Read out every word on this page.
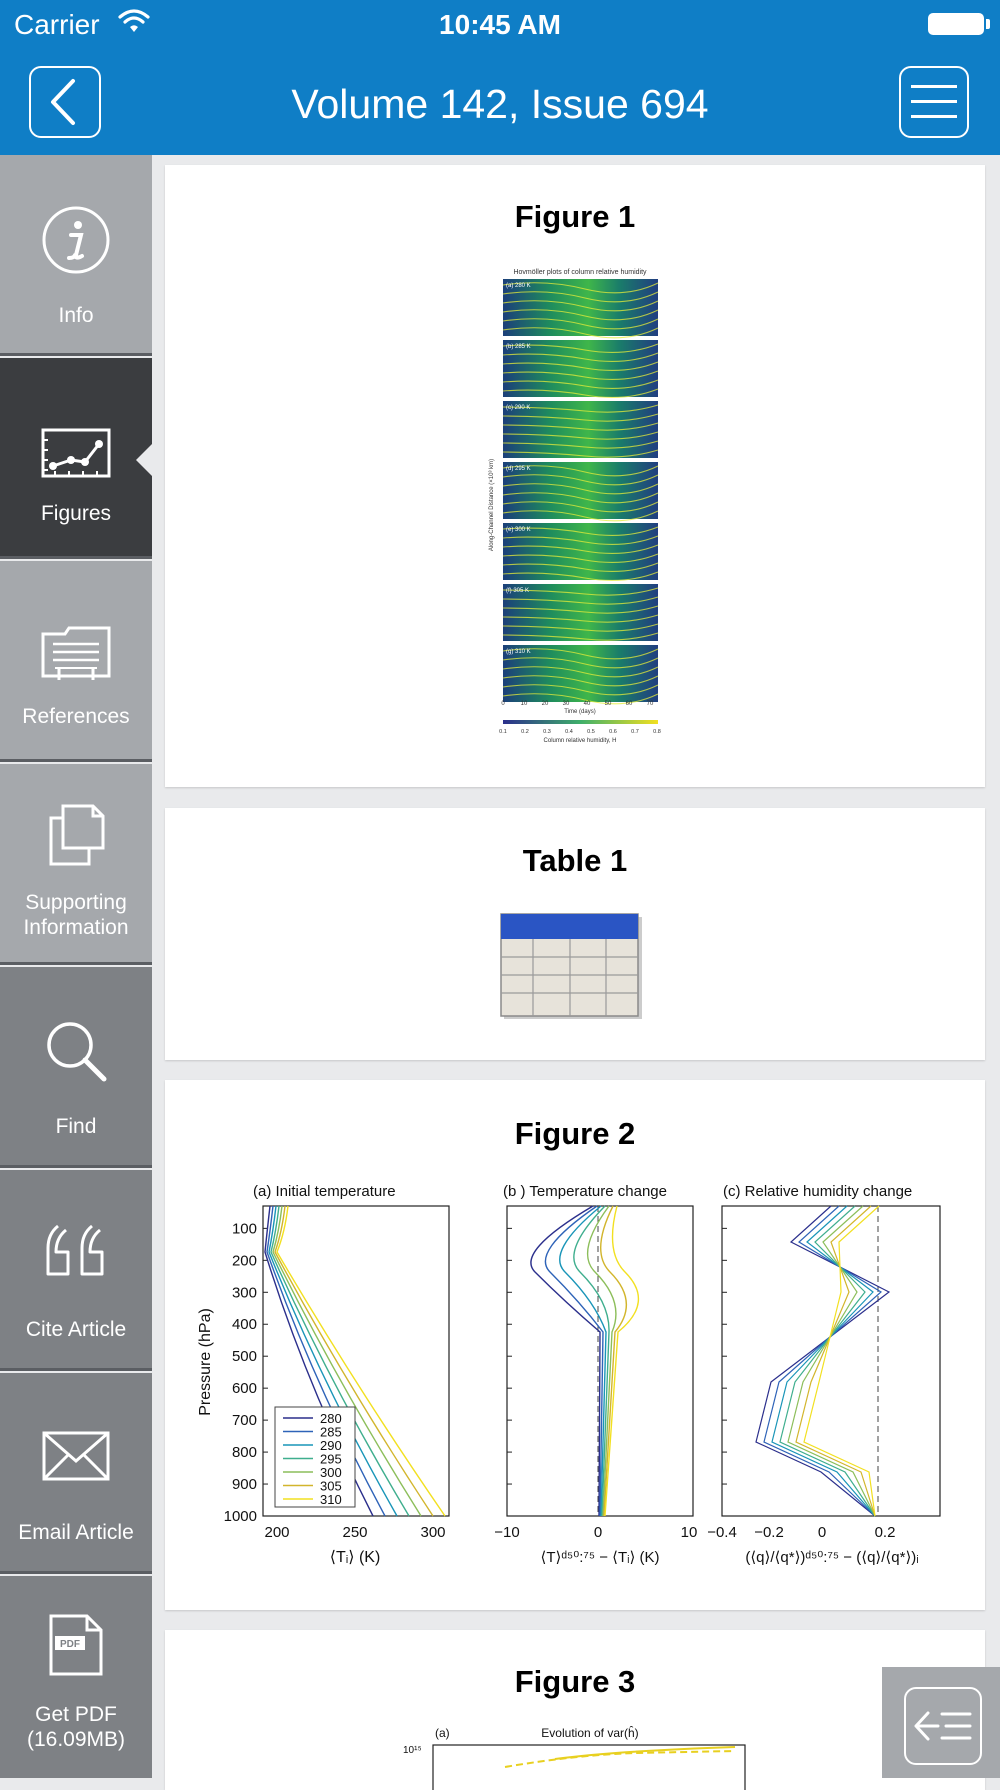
Carrier	10:45 AM
Volume 142, Issue 694
Info
Figures
References
Supporting
Information
Find
Cite Article
Email Article
PDF
Get PDF
(16.09MB)
Figure 1
Hovmöller plots of column relative humidity
(a) 280 K
(b) 285 K
(c) 290 K
(d) 295 K
(e) 300 K
(f) 305 K
(g) 310 K
Along-Channel Distance (×10³ km)
0	10 20 30 40 50 60 70
Time (days)
0.1	0.2	0.3	0.4	0.5	0.6	0.7	0.8
Column relative humidity, H
Table 1
Figure 2
(a) Initial temperature	(b ) Temperature change	(c) Relative humidity change
100
200
300
400
500
600
700
800
900
1000
Pressure (hPa)
200	250	300	−10	0	10 −0.4 −0.2 0	0.2
⟨Tᵢ⟩ (K)	⟨T⟩ᵈ⁵⁰:⁷⁵ − ⟨Tᵢ⟩ (K)	(⟨q⟩/⟨q*⟩)ᵈ⁵⁰:⁷⁵ − (⟨q⟩/⟨q*⟩)ᵢ
280
285
290
295
300
305
310
Figure 3
(a)	Evolution of var(ĥ)
10¹⁵
